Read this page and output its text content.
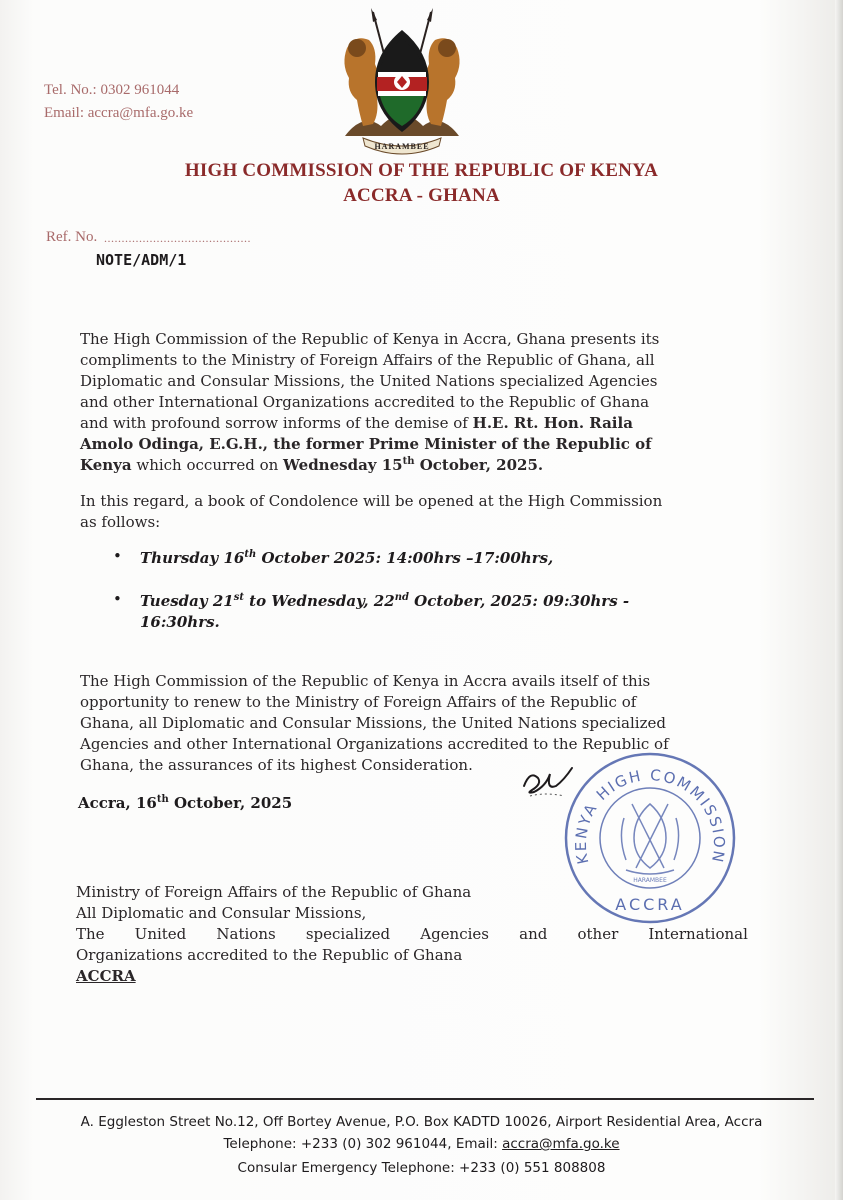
HARAMBEE
Tel. No.: 0302 961044
Email: accra@mfa.go.ke
HIGH COMMISSION OF THE REPUBLIC OF KENYA
ACCRA - GHANA
Ref. No. ..........................................
NOTE/ADM/1
The High Commission of the Republic of Kenya in Accra, Ghana presents its
compliments to the Ministry of Foreign Affairs of the Republic of Ghana, all
Diplomatic and Consular Missions, the United Nations specialized Agencies
and other International Organizations accredited to the Republic of Ghana
and with profound sorrow informs of the demise of H.E. Rt. Hon. Raila
Amolo Odinga, E.G.H., the former Prime Minister of the Republic of
Kenya which occurred on Wednesday 15th October, 2025.
In this regard, a book of Condolence will be opened at the High Commission
as follows:
• Thursday 16th October 2025: 14:00hrs –17:00hrs,
• Tuesday 21st to Wednesday, 22nd October, 2025: 09:30hrs -
16:30hrs.
The High Commission of the Republic of Kenya in Accra avails itself of this
opportunity to renew to the Ministry of Foreign Affairs of the Republic of
Ghana, all Diplomatic and Consular Missions, the United Nations specialized
Agencies and other International Organizations accredited to the Republic of
Ghana, the assurances of its highest Consideration.
Accra, 16th October, 2025
KENYA HIGH COMMISSION
ACCRA
HARAMBEE
Ministry of Foreign Affairs of the Republic of Ghana
All Diplomatic and Consular Missions,
The United Nations specialized Agencies and other International
Organizations accredited to the Republic of Ghana
ACCRA
A. Eggleston Street No.12, Off Bortey Avenue, P.O. Box KADTD 10026, Airport Residential Area, Accra
Telephone: +233 (0) 302 961044, Email: accra@mfa.go.ke
Consular Emergency Telephone: +233 (0) 551 808808
